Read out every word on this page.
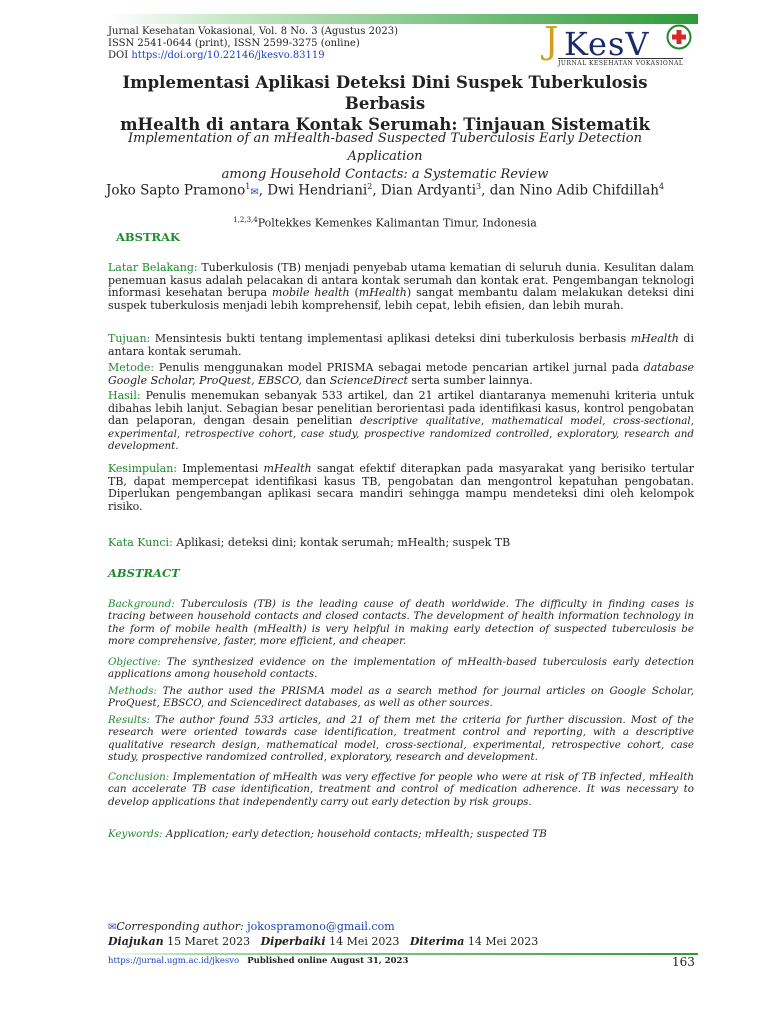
Jurnal Kesehatan Vokasional, Vol. 8 No. 3 (Agustus 2023)
ISSN 2541-0644 (print), ISSN 2599-3275 (online)
DOI https://doi.org/10.22146/jkesvo.83119	J KesV
JURNAL KESEHATAN VOKASIONAL
Implementasi Aplikasi Deteksi Dini Suspek Tuberkulosis Berbasis
mHealth di antara Kontak Serumah: Tinjauan Sistematik
Implementation of an mHealth-based Suspected Tuberculosis Early Detection Application
among Household Contacts: a Systematic Review
Joko Sapto Pramono$^1$✉, Dwi Hendriani$^2$, Dian Ardyanti$^3$, dan Nino Adib Chifdillah$^4$
$^{1,2,3,4}$Poltekkes Kemenkes Kalimantan Timur, Indonesia
ABSTRAK
Latar Belakang: Tuberkulosis (TB) menjadi penyebab utama kematian di seluruh dunia. Kesulitan dalam penemuan kasus adalah pelacakan di antara kontak serumah dan kontak erat. Pengembangan teknologi informasi kesehatan berupa mobile health (mHealth) sangat membantu dalam melakukan deteksi dini suspek tuberkulosis menjadi lebih komprehensif, lebih cepat, lebih efisien, dan lebih murah.
Tujuan: Mensintesis bukti tentang implementasi aplikasi deteksi dini tuberkulosis berbasis mHealth di antara kontak serumah.
Metode: Penulis menggunakan model PRISMA sebagai metode pencarian artikel jurnal pada database Google Scholar, ProQuest, EBSCO, dan ScienceDirect serta sumber lainnya.
Hasil: Penulis menemukan sebanyak 533 artikel, dan 21 artikel diantaranya memenuhi kriteria untuk dibahas lebih lanjut. Sebagian besar penelitian berorientasi pada identifikasi kasus, kontrol pengobatan dan pelaporan, dengan desain penelitian descriptive qualitative, mathematical model, cross-sectional, experimental, retrospective cohort, case study, prospective randomized controlled, exploratory, research and development.
Kesimpulan: Implementasi mHealth sangat efektif diterapkan pada masyarakat yang berisiko tertular TB, dapat mempercepat identifikasi kasus TB, pengobatan dan mengontrol kepatuhan pengobatan. Diperlukan pengembangan aplikasi secara mandiri sehingga mampu mendeteksi dini oleh kelompok risiko.
Kata Kunci: Aplikasi; deteksi dini; kontak serumah; mHealth; suspek TB
ABSTRACT
Background: Tuberculosis (TB) is the leading cause of death worldwide. The difficulty in finding cases is tracing between household contacts and closed contacts. The development of health information technology in the form of mobile health (mHealth) is very helpful in making early detection of suspected tuberculosis be more comprehensive, faster, more efficient, and cheaper.
Objective: The synthesized evidence on the implementation of mHealth-based tuberculosis early detection applications among household contacts.
Methods: The author used the PRISMA model as a search method for journal articles on Google Scholar, ProQuest, EBSCO, and Sciencedirect databases, as well as other sources.
Results: The author found 533 articles, and 21 of them met the criteria for further discussion. Most of the research were oriented towards case identification, treatment control and reporting, with a descriptive qualitative research design, mathematical model, cross-sectional, experimental, retrospective cohort, case study, prospective randomized controlled, exploratory, research and development.
Conclusion: Implementation of mHealth was very effective for people who were at risk of TB infected, mHealth can accelerate TB case identification, treatment and control of medication adherence. It was necessary to develop applications that independently carry out early detection by risk groups.
Keywords: Application; early detection; household contacts; mHealth; suspected TB
✉Corresponding author: jokospramono@gmail.com
Diajukan 15 Maret 2023 Diperbaiki 14 Mei 2023 Diterima 14 Mei 2023
https://jurnal.ugm.ac.id/jkesvo Published online August 31, 2023	163
